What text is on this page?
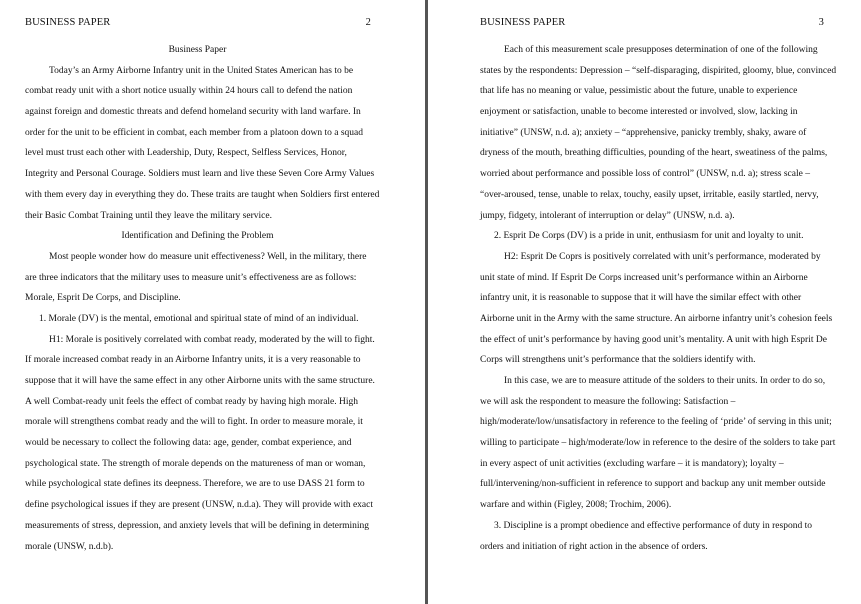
BUSINESS PAPER	2
Business Paper
Today’s an Army Airborne Infantry unit in the United States American has to be
combat ready unit with a short notice usually within 24 hours call to defend the nation
against foreign and domestic threats and defend homeland security with land warfare. In
order for the unit to be efficient in combat, each member from a platoon down to a squad
level must trust each other with Leadership, Duty, Respect, Selfless Services, Honor,
Integrity and Personal Courage. Soldiers must learn and live these Seven Core Army Values
with them every day in everything they do. These traits are taught when Soldiers first entered
their Basic Combat Training until they leave the military service.
Identification and Defining the Problem
Most people wonder how do measure unit effectiveness? Well, in the military, there
are three indicators that the military uses to measure unit’s effectiveness are as follows:
Morale, Esprit De Corps, and Discipline.
1. Morale (DV) is the mental, emotional and spiritual state of mind of an individual.
H1: Morale is positively correlated with combat ready, moderated by the will to fight.
If morale increased combat ready in an Airborne Infantry units, it is a very reasonable to
suppose that it will have the same effect in any other Airborne units with the same structure.
A well Combat-ready unit feels the effect of combat ready by having high morale. High
morale will strengthens combat ready and the will to fight. In order to measure morale, it
would be necessary to collect the following data: age, gender, combat experience, and
psychological state. The strength of morale depends on the matureness of man or woman,
while psychological state defines its deepness. Therefore, we are to use DASS 21 form to
define psychological issues if they are present (UNSW, n.d.a). They will provide with exact
measurements of stress, depression, and anxiety levels that will be defining in determining
morale (UNSW, n.d.b).
BUSINESS PAPER	3
Each of this measurement scale presupposes determination of one of the following
states by the respondents: Depression – “self-disparaging, dispirited, gloomy, blue, convinced
that life has no meaning or value, pessimistic about the future, unable to experience
enjoyment or satisfaction, unable to become interested or involved, slow, lacking in
initiative” (UNSW, n.d. a); anxiety – “apprehensive, panicky trembly, shaky, aware of
dryness of the mouth, breathing difficulties, pounding of the heart, sweatiness of the palms,
worried about performance and possible loss of control” (UNSW, n.d. a); stress scale –
“over-aroused, tense, unable to relax, touchy, easily upset, irritable, easily startled, nervy,
jumpy, fidgety, intolerant of interruption or delay” (UNSW, n.d. a).
2. Esprit De Corps (DV) is a pride in unit, enthusiasm for unit and loyalty to unit.
H2: Esprit De Coprs is positively correlated with unit’s performance, moderated by
unit state of mind. If Esprit De Corps increased unit’s performance within an Airborne
infantry unit, it is reasonable to suppose that it will have the similar effect with other
Airborne unit in the Army with the same structure. An airborne infantry unit’s cohesion feels
the effect of unit’s performance by having good unit’s mentality. A unit with high Esprit De
Corps will strengthens unit’s performance that the soldiers identify with.
In this case, we are to measure attitude of the solders to their units. In order to do so,
we will ask the respondent to measure the following: Satisfaction –
high/moderate/low/unsatisfactory in reference to the feeling of ‘pride’ of serving in this unit;
willing to participate – high/moderate/low in reference to the desire of the solders to take part
in every aspect of unit activities (excluding warfare – it is mandatory); loyalty –
full/intervening/non-sufficient in reference to support and backup any unit member outside
warfare and within (Figley, 2008; Trochim, 2006).
3. Discipline is a prompt obedience and effective performance of duty in respond to
orders and initiation of right action in the absence of orders.
